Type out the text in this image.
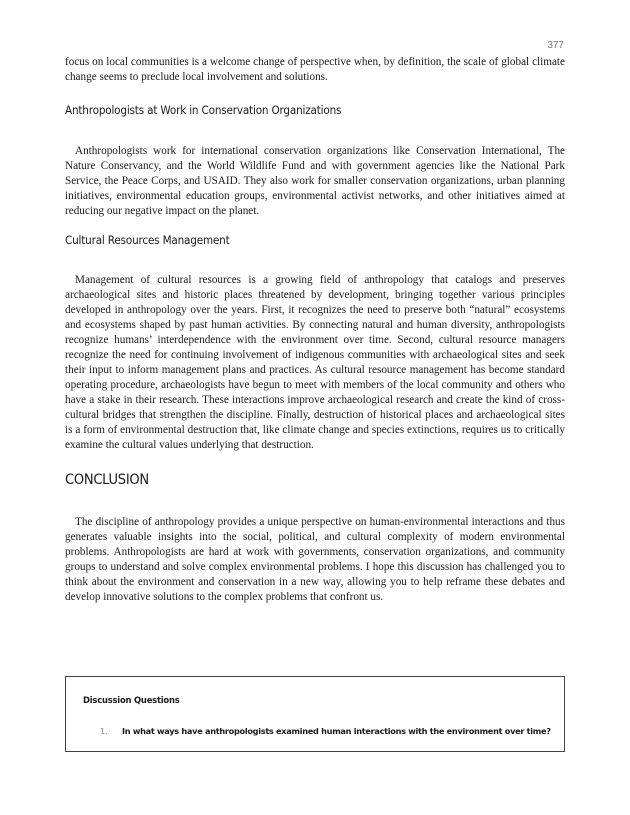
377

focus on local communities is a welcome change of perspective when, by definition, the scale of global climate change seems to preclude local involvement and solutions.

Anthropologists at Work in Conservation Organizations

Anthropologists work for international conservation organizations like Conservation International, The Nature Conservancy, and the World Wildlife Fund and with government agencies like the National Park Service, the Peace Corps, and USAID. They also work for smaller conservation organizations, urban planning initiatives, environmental education groups, environmental activist networks, and other initiatives aimed at reducing our negative impact on the planet.

Cultural Resources Management

Management of cultural resources is a growing field of anthropology that catalogs and preserves archaeological sites and historic places threatened by development, bringing together various principles developed in anthropology over the years. First, it recognizes the need to preserve both “natural” ecosystems and ecosystems shaped by past human activities. By connecting natural and human diversity, anthropologists recognize humans’ interdependence with the environment over time. Second, cultural resource managers recognize the need for continuing involvement of indigenous communities with archaeological sites and seek their input to inform management plans and practices. As cultural resource management has become standard operating procedure, archaeologists have begun to meet with members of the local community and others who have a stake in their research. These interactions improve archaeological research and create the kind of cross-cultural bridges that strengthen the discipline. Finally, destruction of historical places and archaeological sites is a form of environmental destruction that, like climate change and species extinctions, requires us to critically examine the cultural values underlying that destruction.

CONCLUSION

The discipline of anthropology provides a unique perspective on human-environmental interactions and thus generates valuable insights into the social, political, and cultural complexity of modern environmental problems. Anthropologists are hard at work with governments, conservation organizations, and community groups to understand and solve complex environmental problems. I hope this discussion has challenged you to think about the environment and conservation in a new way, allowing you to help reframe these debates and develop innovative solutions to the complex problems that confront us.

Discussion Questions
1. In what ways have anthropologists examined human interactions with the environment over time?
